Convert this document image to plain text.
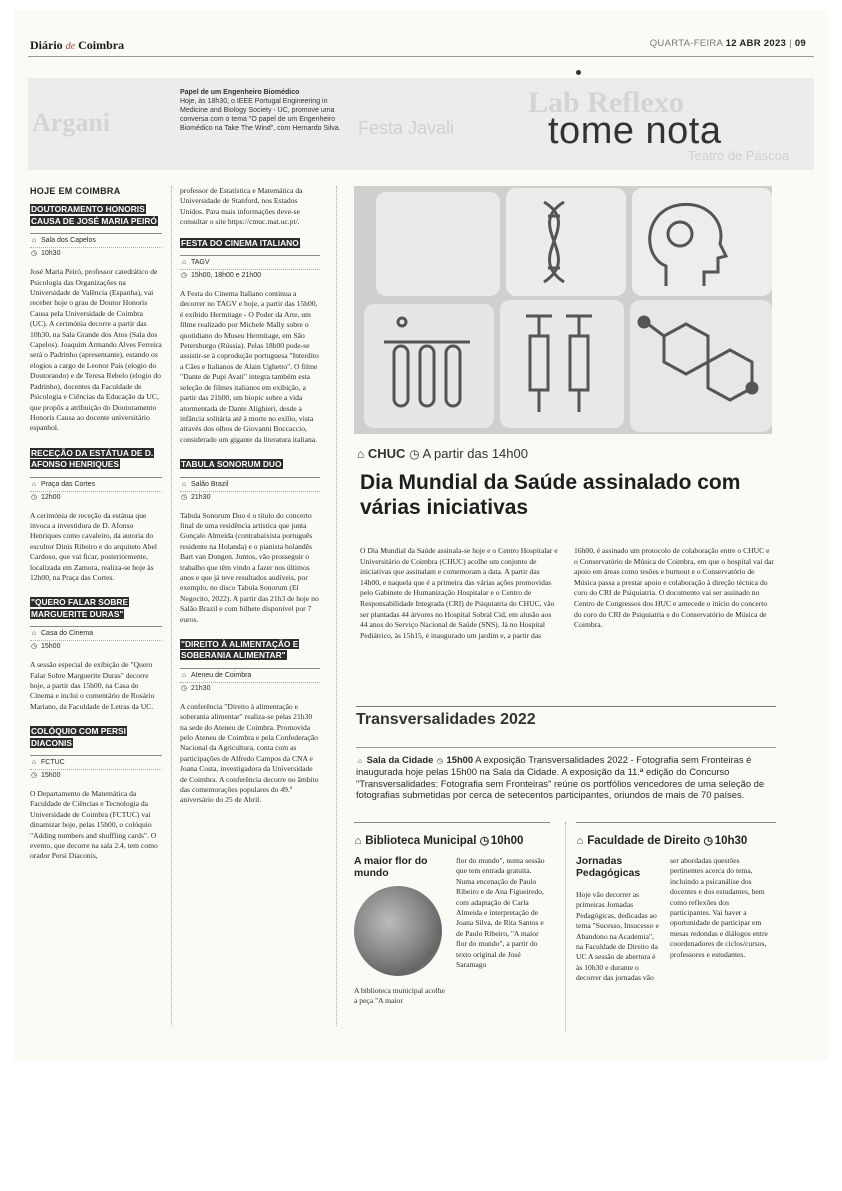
Diário de Coimbra	QUARTA-FEIRA 12 ABR 2023 | 09
Argani	Festa Javali
Lab Reflexo
Teatro de Páscoa
Papel de um Engenheiro Biomédico
Hoje, às 18h30, o IEEE Portugal Engineering in Medicine and Biology Society - UC, promove uma conversa com o tema "O papel de um Engenheiro Biomédico na Take The Wind", com Hernardo Silva.	tome nota
HOJE EM COIMBRA
DOUTORAMENTO HONORIS CAUSA DE JOSÉ MARIA PEIRÓ
⌂ Sala dos Capelos
◷ 10h30
José Maria Peiró, professor catedrático de Psicologia das Organizações na Universidade de Valência (Espanha), vai receber hoje o grau de Doutor Honoris Causa pela Universidade de Coimbra (UC). A cerimónia decorre a partir das 10h30, na Sala Grande dos Atos (Sala dos Capelos). Joaquim Armando Alves Ferreira será o Padrinho (apresentante), estando os elogios a cargo de Leonor Pais (elogio do Doutorando) e de Teresa Rebelo (elogio do Padrinho), docentes da Faculdade de Psicologia e Ciências da Educação da UC, que propôs a atribuição do Doutoramento Honoris Causa ao docente universitário espanhol.
RECEÇÃO DA ESTÁTUA DE D. AFONSO HENRIQUES
⌂ Praça das Cortes
◷ 12h00
A cerimónia de receção da estátua que invoca a investidura de D. Afonso Henriques como cavaleiro, da autoria do escultor Dinis Ribeiro e do arquiteto Abel Cardoso, que vai ficar, posteriormente, localizada em Zamora, realiza-se hoje às 12h00, na Praça das Cortes.
"QUERO FALAR SOBRE MARGUERITE DURAS"
⌂ Casa do Cinema
◷ 15h00
A sessão especial de exibição de "Quero Falar Sobre Marguerite Duras" decorre hoje, a partir das 15h00, na Casa do Cinema e inclui o comentário de Rosário Mariano, da Faculdade de Letras da UC.
COLÓQUIO COM PERSI DIACONIS
⌂ FCTUC
◷ 15h00
O Departamento de Matemática da Faculdade de Ciências e Tecnologia da Universidade de Coimbra (FCTUC) vai dinamizar hoje, pelas 15h00, o colóquio "Adding numbers and shuffling cards". O evento, que decorre na sala 2.4, tem como orador Persi Diaconis,
professor de Estatística e Matemática da Universidade de Stanford, nos Estados Unidos. Para mais informações deve-se consultar o site https://cmuc.mat.uc.pt/.
FESTA DO CINEMA ITALIANO
⌂ TAGV
◷ 15h00, 18h00 e 21h00
A Festa do Cinema Italiano continua a decorrer no TAGV e hoje, a partir das 15h00, é exibido Hermitage - O Poder da Arte, um filme realizado por Michele Mally sobre o quotidiano do Museu Hermitage, em São Petersburgo (Rússia). Pelas 18h00 pode-se assistir-se à coprodução portuguesa "Interdito a Cães e Italianos de Alain Ughetto". O filme "Dante de Pupi Avati" integra também esta seleção de filmes italianos em exibição, a partir das 21h00, um biopic sobre a vida atormentada de Dante Alighieri, desde a infância solitária até à morte no exílio, vista através dos olhos de Giovanni Boccaccio, considerado um gigante da literatura italiana.
TABULA SONORUM DUO
⌂ Salão Brazil
◷ 21h30
Tabula Sonorum Duo é o título do concerto final de uma residência artística que junta Gonçalo Almeida (contrabaixista português residente na Holanda) e o pianista holandês Bart van Dongen. Juntos, vão prosseguir o trabalho que têm vindo a fazer nos últimos anos e que já teve resultados audíveis, por exemplo, no disco Tabula Sonorum (El Negocito, 2022). A partir das 21h3 de hoje no Salão Brazil e com bilhete disponível por 7 euros.
"DIREITO À ALIMENTAÇÃO E SOBERANIA ALIMENTAR"
⌂ Ateneu de Coimbra
◷ 21h30
A conferência "Direito à alimentação e soberania alimentar" realiza-se pelas 21h30 na sede do Ateneu de Coimbra. Promovida pelo Ateneu de Coimbra e pela Confederação Nacional da Agricultura, conta com as participações de Alfredo Campos da CNA e Joana Costa, investigadora da Universidade de Coimbra. A conferência decorre no âmbito das comemorações populares do 49.º aniversário do 25 de Abril.
⌂ CHUC ◷ A partir das 14h00
Dia Mundial da Saúde assinalado com várias iniciativas
O Dia Mundial da Saúde assinala-se hoje e o Centro Hospitalar e Universitário de Coimbra (CHUC) acolhe um conjunto de iniciativas que assinalam e comemoram a data. A partir das 14h00, e naquela que é a primeira das várias ações promovidas pelo Gabinete de Humanização Hospitalar e o Centro de Responsabilidade Integrada (CRI) de Psiquiatria do CHUC, vão ser plantadas 44 árvores no Hospital Sobral Cid, em alusão aos 44 anos do Serviço Nacional de Saúde (SNS). Já no Hospital Pediátrico, às 15h15, é inaugurado um jardim e, a partir das 16h00, é assinado um protocolo de colaboração entre o CHUC e o Conservatório de Música de Coimbra, em que o hospital vai dar apoio em áreas como tesões e burnout e o Conservatório de Música passa a prestar apoio e colaboração à direção técnica do coro do CRI de Psiquiatria. O documento vai ser assinado no Centro de Congressos dos HUC e antecede o início do concerto do coro do CRI de Psiquiatria e do Conservatório de Música de Coimbra.
Transversalidades 2022
⌂ Sala da Cidade ◷ 15h00 A exposição Transversalidades 2022 - Fotografia sem Fronteiras é inaugurada hoje pelas 15h00 na Sala da Cidade. A exposição da 11.ª edição do Concurso "Transversalidades: Fotografia sem Fronteiras" reúne os portfólios vencedores de uma seleção de fotografias submetidas por cerca de setecentos participantes, oriundos de mais de 70 países.
⌂ Biblioteca Municipal ◷ 10h00
A maior flor do mundo
A biblioteca municipal acolhe a peça "A maior
flor do mundo", numa sessão que tem entrada gratuita. Numa encenação de Paulo Ribeiro e de Ana Figueiredo, com adaptação de Carla Almeida e interpretação de Joana Silva, de Rita Santos e de Paulo Ribeiro, "A maior flor do mundo", a partir do texto original de José Saramago
⌂ Faculdade de Direito ◷ 10h30
Jornadas Pedagógicas
Hoje vão decorrer as primeiras Jornadas Pedagógicas, dedicadas ao tema "Sucesso, Insucesso e Abandono na Academia", na Faculdade de Direito da UC A sessão de abertura é às 10h30 e durante o decorrer das jornadas vão
ser abordadas questões pertinentes acerca do tema, incluindo a psicanálise dos docentes e dos estudantes, bem como reflexões dos participantes. Vai haver a oportunidade de participar em mesas redondas e diálogos entre coordenadores de ciclos/cursos, professores e estudantes.
